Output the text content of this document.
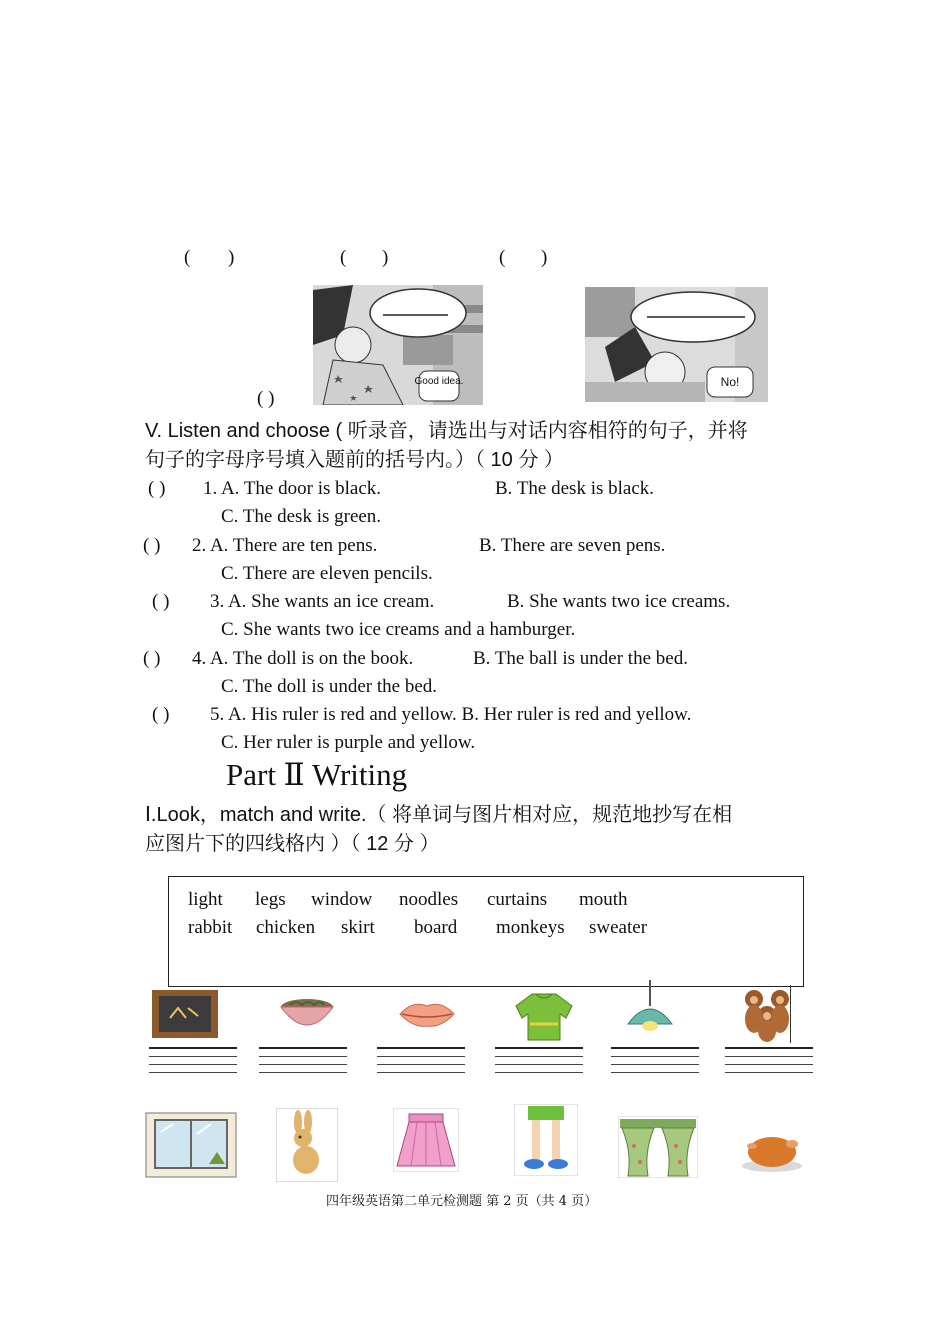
( )	( )	( )
Good idea.	No!
( )
V. Listen and choose ( 听录音，请选出与对话内容相符的句子，并将
句子的字母序号填入题前的括号内。）（ 10 分 ）
( ) 1. A. The door is black.	B. The desk is black.
C. The desk is green.
( ) 2. A. There are ten pens.	B. There are seven pens.
C. There are eleven pencils.
( ) 3. A. She wants an ice cream.	B. She wants two ice creams.
C. She wants two ice creams and a hamburger.
( ) 4. A. The doll is on the book.	B. The ball is under the bed.
C. The doll is under the bed.
( ) 5. A. His ruler is red and yellow. B. Her ruler is red and yellow.
C. Her ruler is purple and yellow.
Part Ⅱ Writing
Ⅰ.Look，match and write.（ 将单词与图片相对应，规范地抄写在相
应图片下的四线格内 ）（ 12 分 ）
light legs window noodles curtains mouth
rabbit chicken skirt board monkeys sweater
四年级英语第二单元检测题 第 2 页（共 4 页）
